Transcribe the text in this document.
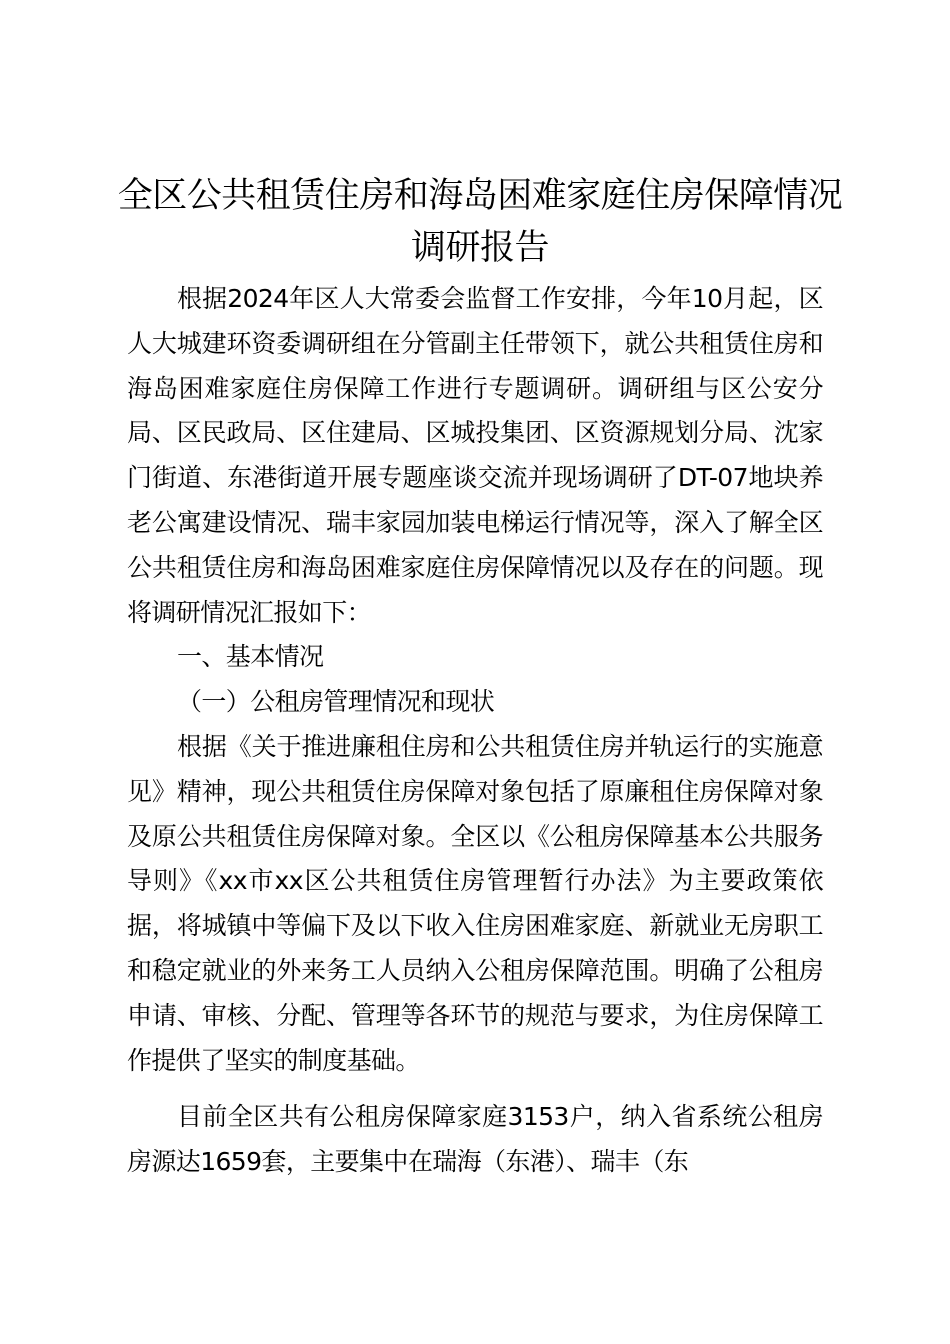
全区公共租赁住房和海岛困难家庭住房保障情况调研报告

根据2024年区人大常委会监督工作安排，今年10月起，区人大城建环资委调研组在分管副主任带领下，就公共租赁住房和海岛困难家庭住房保障工作进行专题调研。调研组与区公安分局、区民政局、区住建局、区城投集团、区资源规划分局、沈家门街道、东港街道开展专题座谈交流并现场调研了DT-07地块养老公寓建设情况、瑞丰家园加装电梯运行情况等，深入了解全区公共租赁住房和海岛困难家庭住房保障情况以及存在的问题。现将调研情况汇报如下：

一、基本情况

（一）公租房管理情况和现状

根据《关于推进廉租住房和公共租赁住房并轨运行的实施意见》精神，现公共租赁住房保障对象包括了原廉租住房保障对象及原公共租赁住房保障对象。全区以《公租房保障基本公共服务导则》《xx市xx区公共租赁住房管理暂行办法》为主要政策依据，将城镇中等偏下及以下收入住房困难家庭、新就业无房职工和稳定就业的外来务工人员纳入公租房保障范围。明确了公租房申请、审核、分配、管理等各环节的规范与要求，为住房保障工作提供了坚实的制度基础。

目前全区共有公租房保障家庭3153户，纳入省系统公租房房源达1659套，主要集中在瑞海（东港）、瑞丰（东
